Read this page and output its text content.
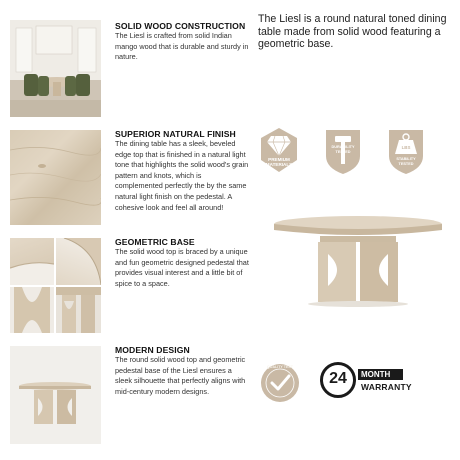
The Liesl is a round natural toned dining table made from solid wood featuring a geometric base.
SOLID WOOD CONSTRUCTION
The Liesl is crafted from solid Indian mango wood that is durable and sturdy in nature.
SUPERIOR NATURAL FINISH
The dining table has a sleek, beveled edge top that is finished in a natural light tone that highlights the solid wood's grain pattern and knots, which is complemented perfectly the by the same natural light finish on the pedestal. A cohesive look and feel all around!
PREMIUM MATERIALS
DURABILITY TESTED
LBS
STABILITY TESTED
GEOMETRIC BASE
The solid wood top is braced by a unique and fun geometric designed pedestal that provides visual interest and a little bit of spice to a space.
MODERN DESIGN
The round solid wood top and geometric pedestal base of the Liesl ensures a sleek silhouette that perfectly aligns with mid-century modern designs.
QUALITY TEST
24	MONTH
WARRANTY
